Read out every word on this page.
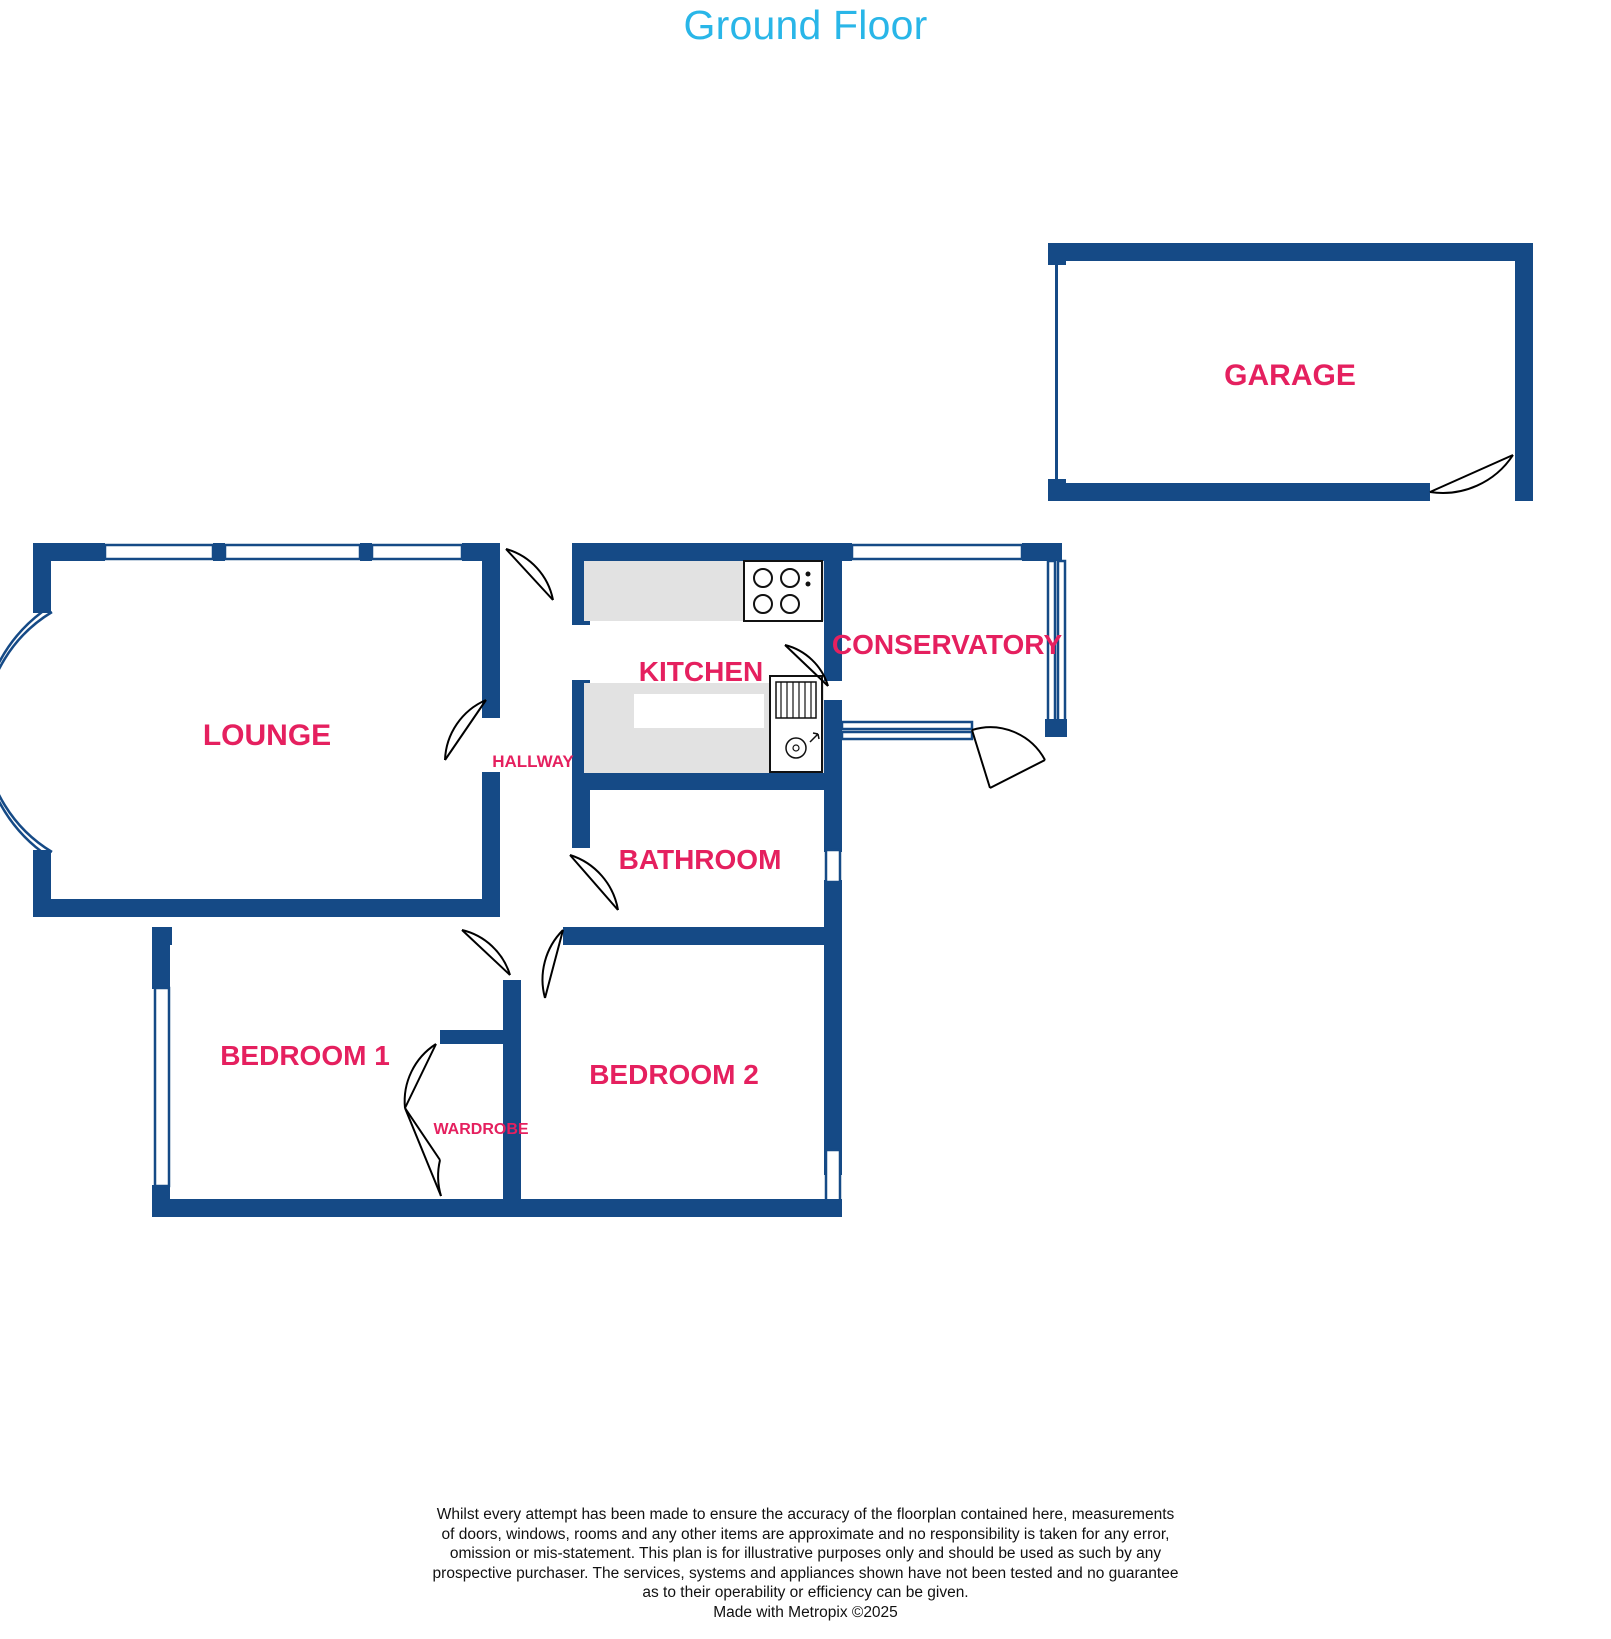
Ground Floor
LOUNGE
KITCHEN
CONSERVATORY
GARAGE
HALLWAY
BATHROOM
BEDROOM 1
BEDROOM 2
WARDROBE
Whilst every attempt has been made to ensure the accuracy of the floorplan contained here, measurements
of doors, windows, rooms and any other items are approximate and no responsibility is taken for any error,
omission or mis-statement. This plan is for illustrative purposes only and should be used as such by any
prospective purchaser. The services, systems and appliances shown have not been tested and no guarantee
as to their operability or efficiency can be given.
Made with Metropix ©2025
